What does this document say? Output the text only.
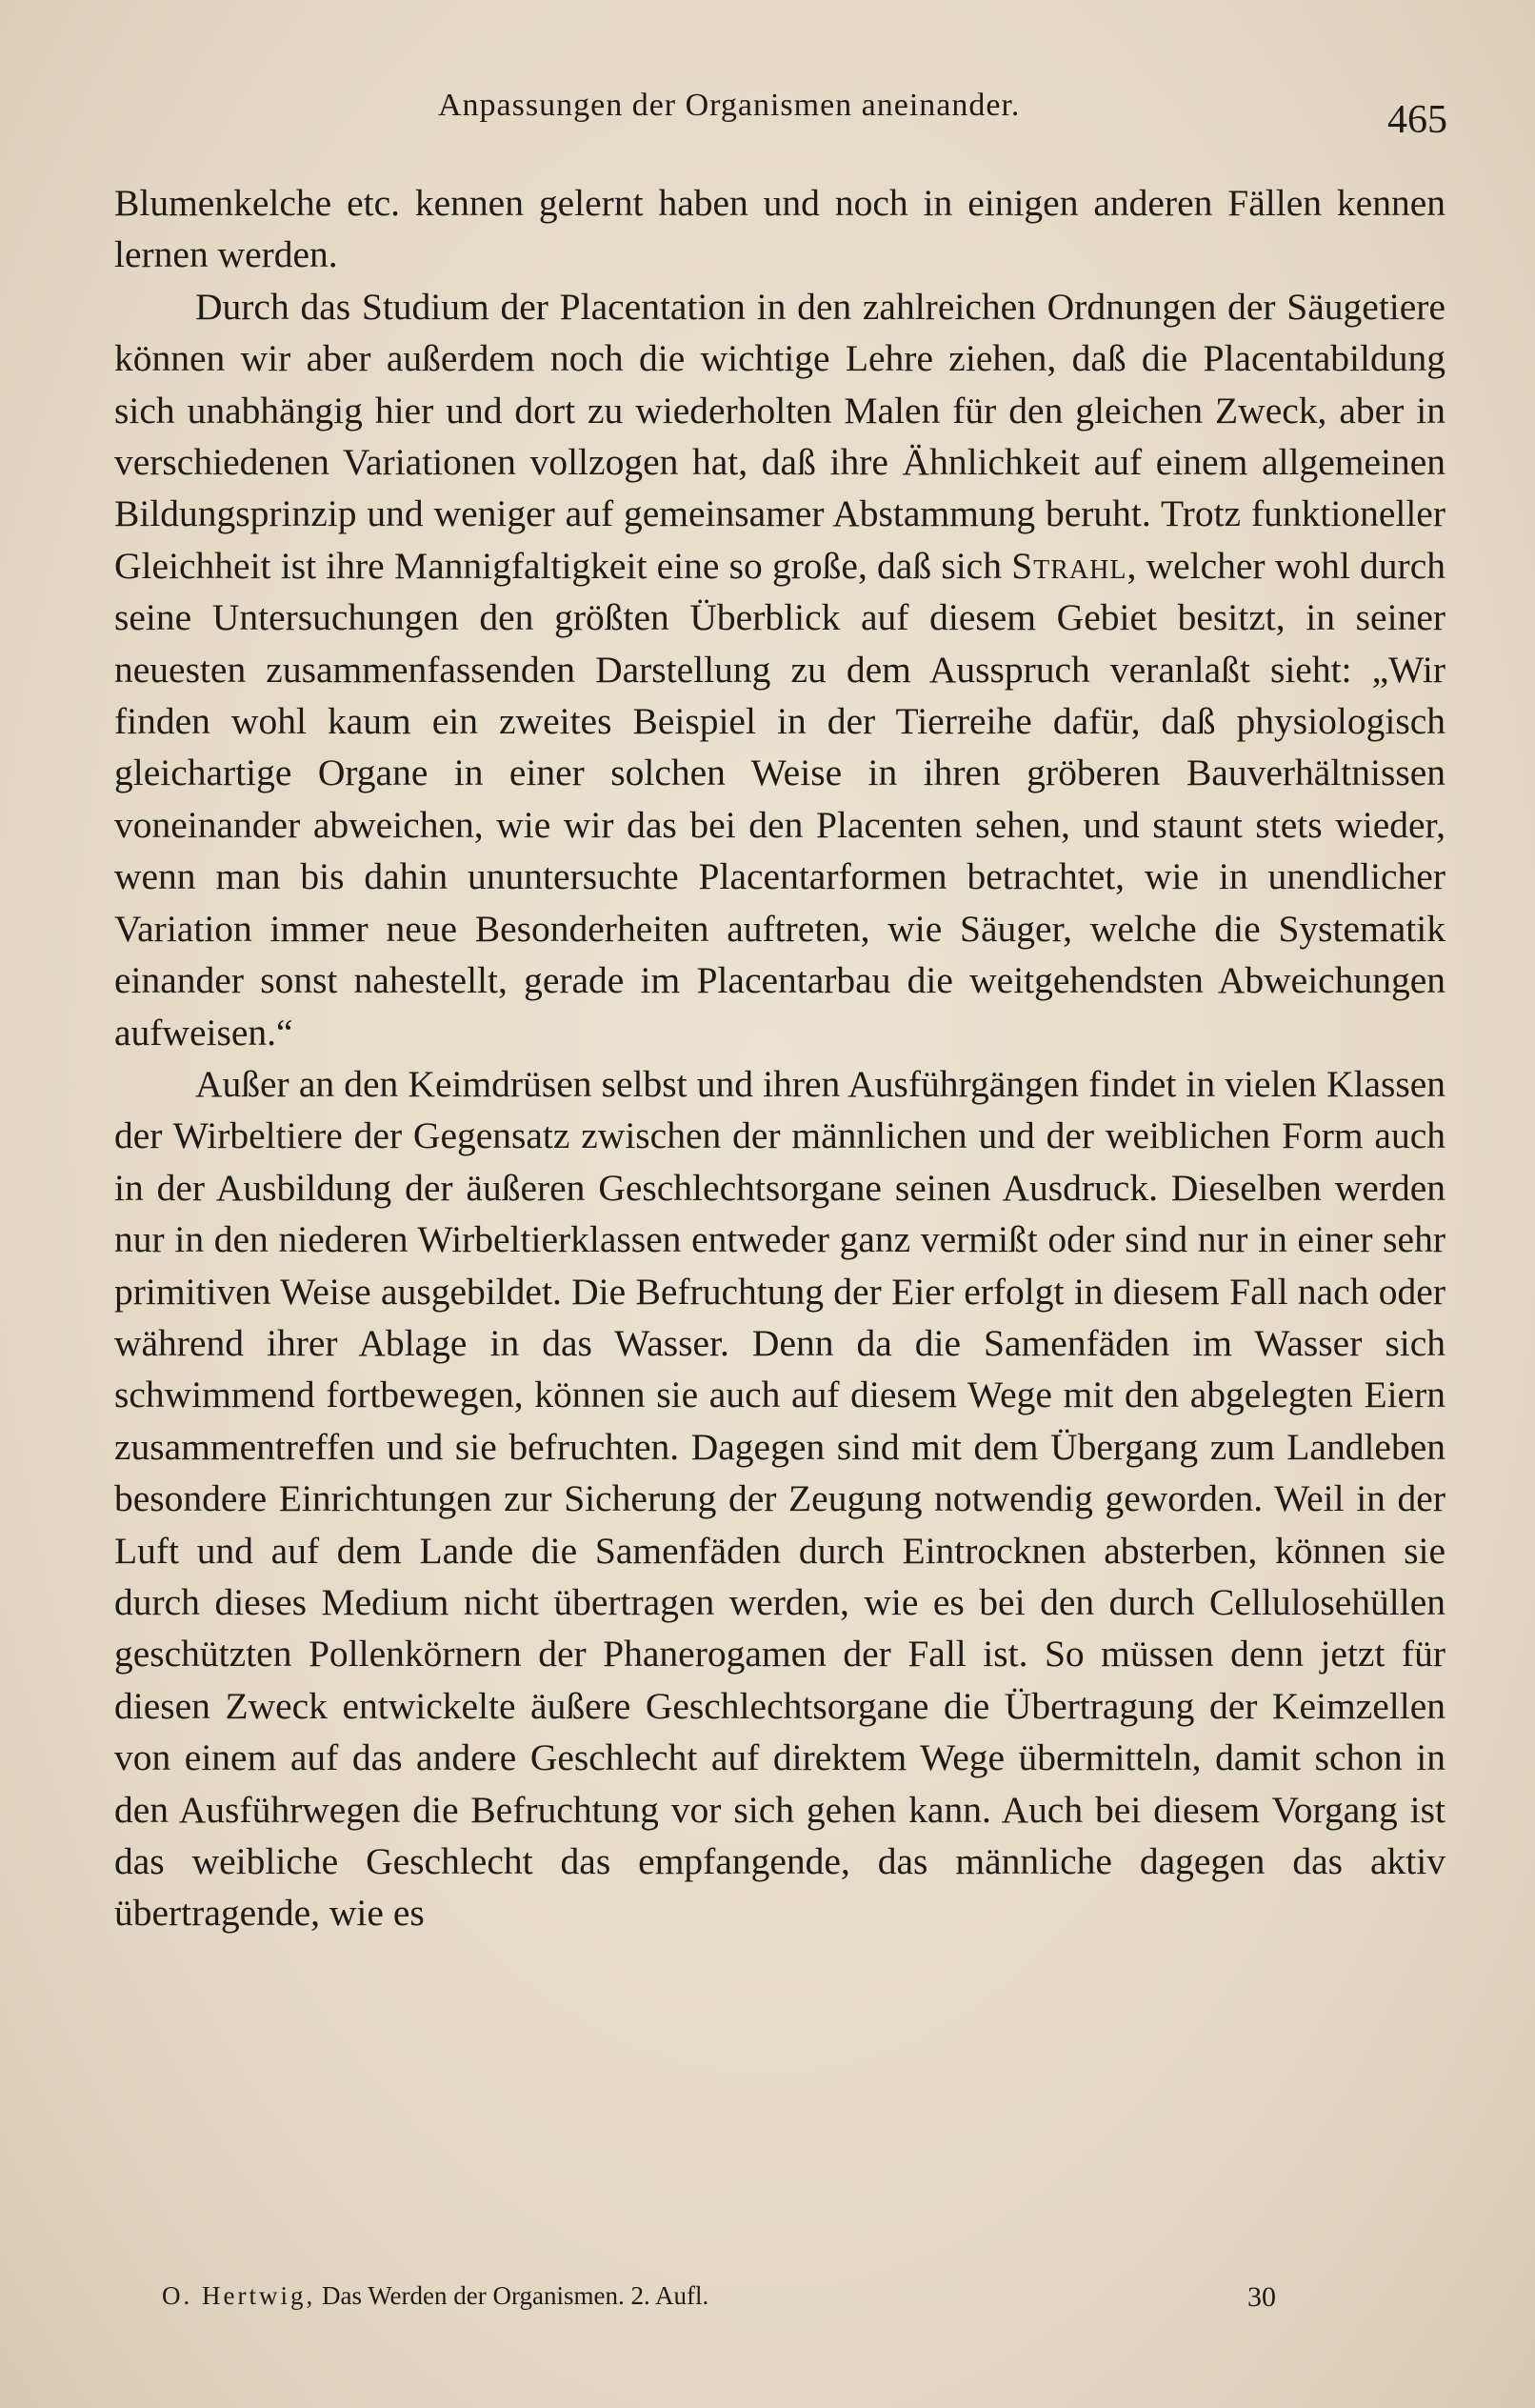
Anpassungen der Organismen aneinander.	465

Blumenkelche etc. kennen gelernt haben und noch in einigen anderen Fällen kennen lernen werden.

Durch das Studium der Placentation in den zahlreichen Ordnungen der Säugetiere können wir aber außerdem noch die wichtige Lehre ziehen, daß die Placentabildung sich unabhängig hier und dort zu wiederholten Malen für den gleichen Zweck, aber in verschiedenen Variationen vollzogen hat, daß ihre Ähnlichkeit auf einem allgemeinen Bildungsprinzip und weniger auf gemeinsamer Abstammung beruht. Trotz funktioneller Gleichheit ist ihre Mannigfaltigkeit eine so große, daß sich Strahl, welcher wohl durch seine Untersuchungen den größten Überblick auf diesem Gebiet besitzt, in seiner neuesten zusammenfassenden Darstellung zu dem Ausspruch veranlaßt sieht: „Wir finden wohl kaum ein zweites Beispiel in der Tierreihe dafür, daß physiologisch gleichartige Organe in einer solchen Weise in ihren gröberen Bauverhältnissen voneinander abweichen, wie wir das bei den Placenten sehen, und staunt stets wieder, wenn man bis dahin ununtersuchte Placentarformen betrachtet, wie in unendlicher Variation immer neue Besonderheiten auftreten, wie Säuger, welche die Systematik einander sonst nahestellt, gerade im Placentarbau die weitgehendsten Abweichungen aufweisen.“

Außer an den Keimdrüsen selbst und ihren Ausführgängen findet in vielen Klassen der Wirbeltiere der Gegensatz zwischen der männlichen und der weiblichen Form auch in der Ausbildung der äußeren Geschlechtsorgane seinen Ausdruck. Dieselben werden nur in den niederen Wirbeltierklassen entweder ganz vermißt oder sind nur in einer sehr primitiven Weise ausgebildet. Die Befruchtung der Eier erfolgt in diesem Fall nach oder während ihrer Ablage in das Wasser. Denn da die Samenfäden im Wasser sich schwimmend fortbewegen, können sie auch auf diesem Wege mit den abgelegten Eiern zusammentreffen und sie befruchten. Dagegen sind mit dem Übergang zum Landleben besondere Einrichtungen zur Sicherung der Zeugung notwendig geworden. Weil in der Luft und auf dem Lande die Samenfäden durch Eintrocknen absterben, können sie durch dieses Medium nicht übertragen werden, wie es bei den durch Cellulosehüllen geschützten Pollenkörnern der Phanerogamen der Fall ist. So müssen denn jetzt für diesen Zweck entwickelte äußere Geschlechtsorgane die Übertragung der Keimzellen von einem auf das andere Geschlecht auf direktem Wege übermitteln, damit schon in den Ausführwegen die Befruchtung vor sich gehen kann. Auch bei diesem Vorgang ist das weibliche Geschlecht das empfangende, das männliche dagegen das aktiv übertragende, wie es

O. Hertwig, Das Werden der Organismen. 2. Aufl.	30
